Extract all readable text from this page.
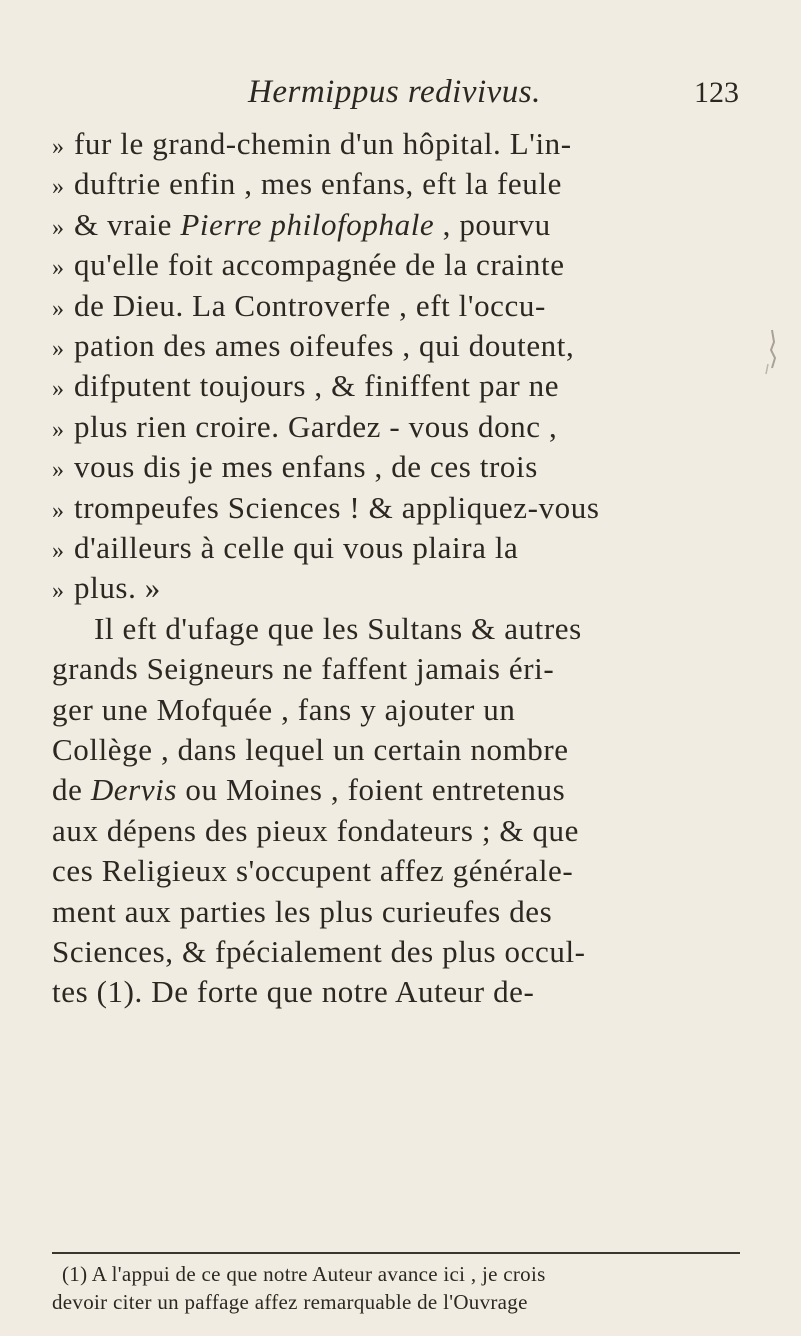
Hermippus redivivus.	123
» fur le grand-chemin d'un hôpital. L'in-
» duftrie enfin , mes enfans, eft la feule
» & vraie Pierre philofophale , pourvu
» qu'elle foit accompagnée de la crainte
» de Dieu. La Controverfe , eft l'occu-
» pation des ames oifeufes , qui doutent,
» difputent toujours , & finiffent par ne
» plus rien croire. Gardez - vous donc ,
» vous dis je mes enfans , de ces trois
» trompeufes Sciences ! & appliquez-vous
» d'ailleurs à celle qui vous plaira la
» plus. »
Il eft d'ufage que les Sultans & autres
grands Seigneurs ne faffent jamais éri-
ger une Mofquée , fans y ajouter un
Collège , dans lequel un certain nombre
de Dervis ou Moines , foient entretenus
aux dépens des pieux fondateurs ; & que
ces Religieux s'occupent affez générale-
ment aux parties les plus curieufes des
Sciences, & fpécialement des plus occul-
tes (1). De forte que notre Auteur de-
(1) A l'appui de ce que notre Auteur avance ici , je crois
devoir citer un paffage affez remarquable de l'Ouvrage
